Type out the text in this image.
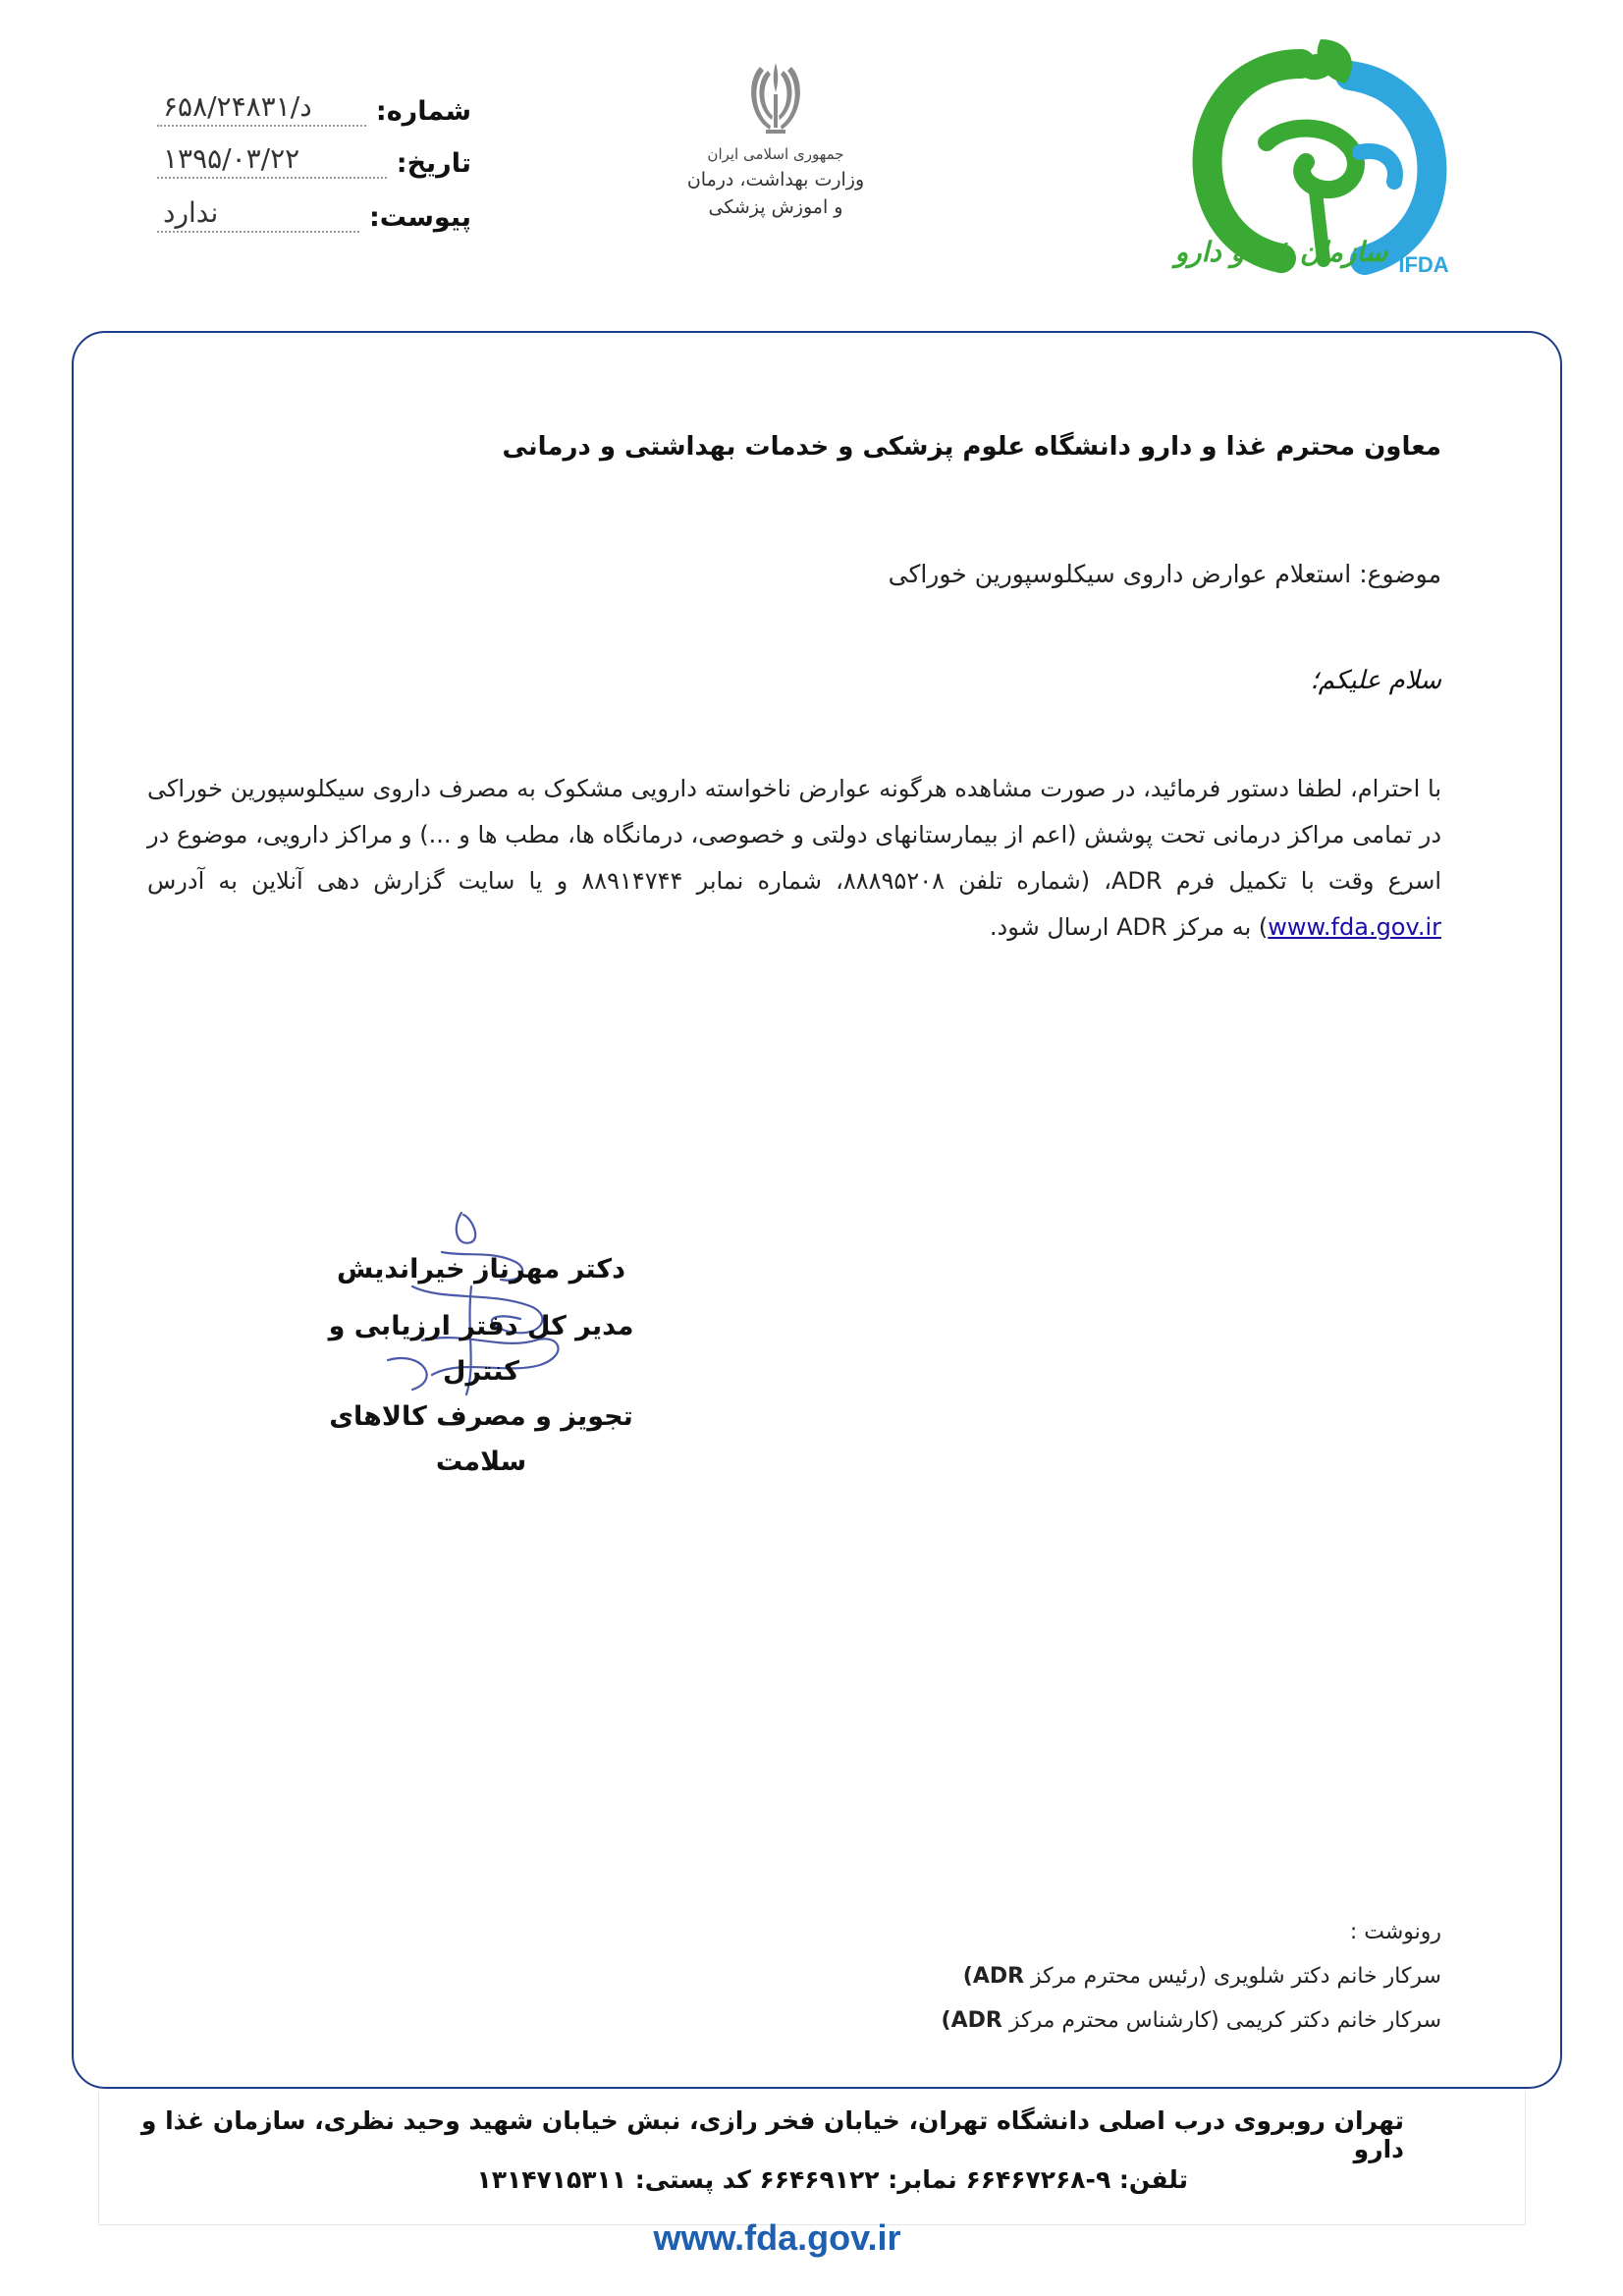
شماره:
۶۵۸/۲۴۸۳۱/د
تاریخ:
۱۳۹۵/۰۳/۲۲
پیوست:
ندارد
جمهوری اسلامی ایران
وزارت بهداشت، درمان
و اموزش پزشکی
سازمان غذا و دارو IFDA
معاون محترم غذا و دارو دانشگاه علوم پزشکی و خدمات بهداشتی و درمانی
موضوع: استعلام عوارض داروی سیکلوسپورین خوراکی
سلام علیکم؛
با احترام، لطفا دستور فرمائید، در صورت مشاهده هرگونه عوارض ناخواسته دارویی مشکوک به مصرف داروی سیکلوسپورین خوراکی در تمامی مراکز درمانی تحت پوشش (اعم از بیمارستانهای دولتی و خصوصی، درمانگاه ها، مطب ها و ...) و مراکز دارویی، موضوع در اسرع وقت با تکمیل فرم ADR، (شماره تلفن ۸۸۸۹۵۲۰۸، شماره نمابر ۸۸۹۱۴۷۴۴ و یا سایت گزارش دهی آنلاین به آدرس www.fda.gov.ir) به مرکز ADR ارسال شود.
دکتر مهرناز خیراندیش
مدیر کل دفتر ارزیابی و کنترل
تجویز و مصرف کالاهای سلامت
رونوشت :
سرکار خانم دکتر شلویری (رئیس محترم مرکز ADR)
سرکار خانم دکتر کریمی (کارشناس محترم مرکز ADR)
تهران روبروی درب اصلی دانشگاه تهران، خیابان فخر رازی، نبش خیابان شهید وحید نظری، سازمان غذا و دارو
تلفن: ۹-۶۶۴۶۷۲۶۸ نمابر: ۶۶۴۶۹۱۲۲ کد پستی: ۱۳۱۴۷۱۵۳۱۱
www.fda.gov.ir
